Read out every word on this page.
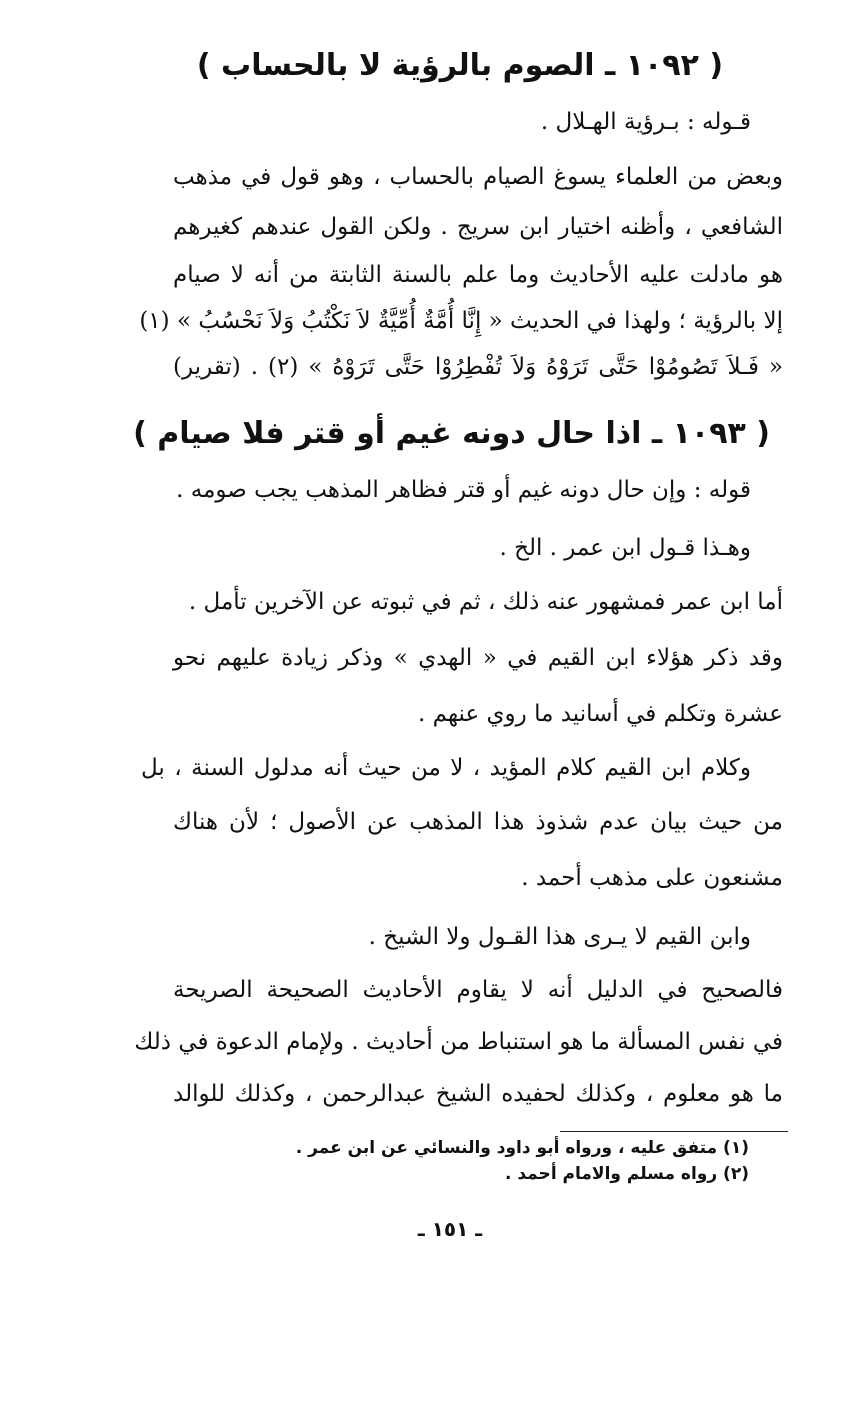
( ١٠٩٢ ـ الصوم بالرؤية لا بالحساب )
قـوله : بـرؤية الهـلال .
وبعض من العلماء يسوغ الصيام بالحساب ، وهو قول في مذهب
الشافعي ، وأظنه اختيار ابن سريج . ولكن القول عندهم كغيرهم
هو مادلت عليه الأحاديث وما علم بالسنة الثابتة من أنه لا صيام
إلا بالرؤية ؛ ولهذا في الحديث « إِنَّا أُمَّةٌ أُمِّيَّةٌ لاَ نَكْتُبُ وَلاَ نَحْسُبُ » (١)
« فَـلاَ تَصُومُوْا حَتَّى تَرَوْهُ وَلاَ تُفْطِرُوْا حَتَّى تَرَوْهُ » (٢) . (تقرير)
( ١٠٩٣ ـ اذا حال دونه غيم أو قتر فلا صيام )
قوله : وإن حال دونه غيم أو قتر فظاهر المذهب يجب صومه .
وهـذا قـول ابن عمر . الخ .
أما ابن عمر فمشهور عنه ذلك ، ثم في ثبوته عن الآخرين تأمل .
وقد ذكر هؤلاء ابن القيم في « الهدي » وذكر زيادة عليهم نحو
عشرة وتكلم في أسانيد ما روي عنهم .
وكلام ابن القيم كلام المؤيد ، لا من حيث أنه مدلول السنة ، بل
من حيث بيان عدم شذوذ هذا المذهب عن الأصول ؛ لأن هناك
مشنعون على مذهب أحمد .
وابن القيم لا يـرى هذا القـول ولا الشيخ .
فالصحيح في الدليل أنه لا يقاوم الأحاديث الصحيحة الصريحة
في نفس المسألة ما هو استنباط من أحاديث . ولإمام الدعوة في ذلك
ما هو معلوم ، وكذلك لحفيده الشيخ عبدالرحمن ، وكذلك للوالد
(١) متفق عليه ، ورواه أبو داود والنسائي عن ابن عمر .
(٢) رواه مسلم والامام أحمد .
ـ ١٥١ ـ
